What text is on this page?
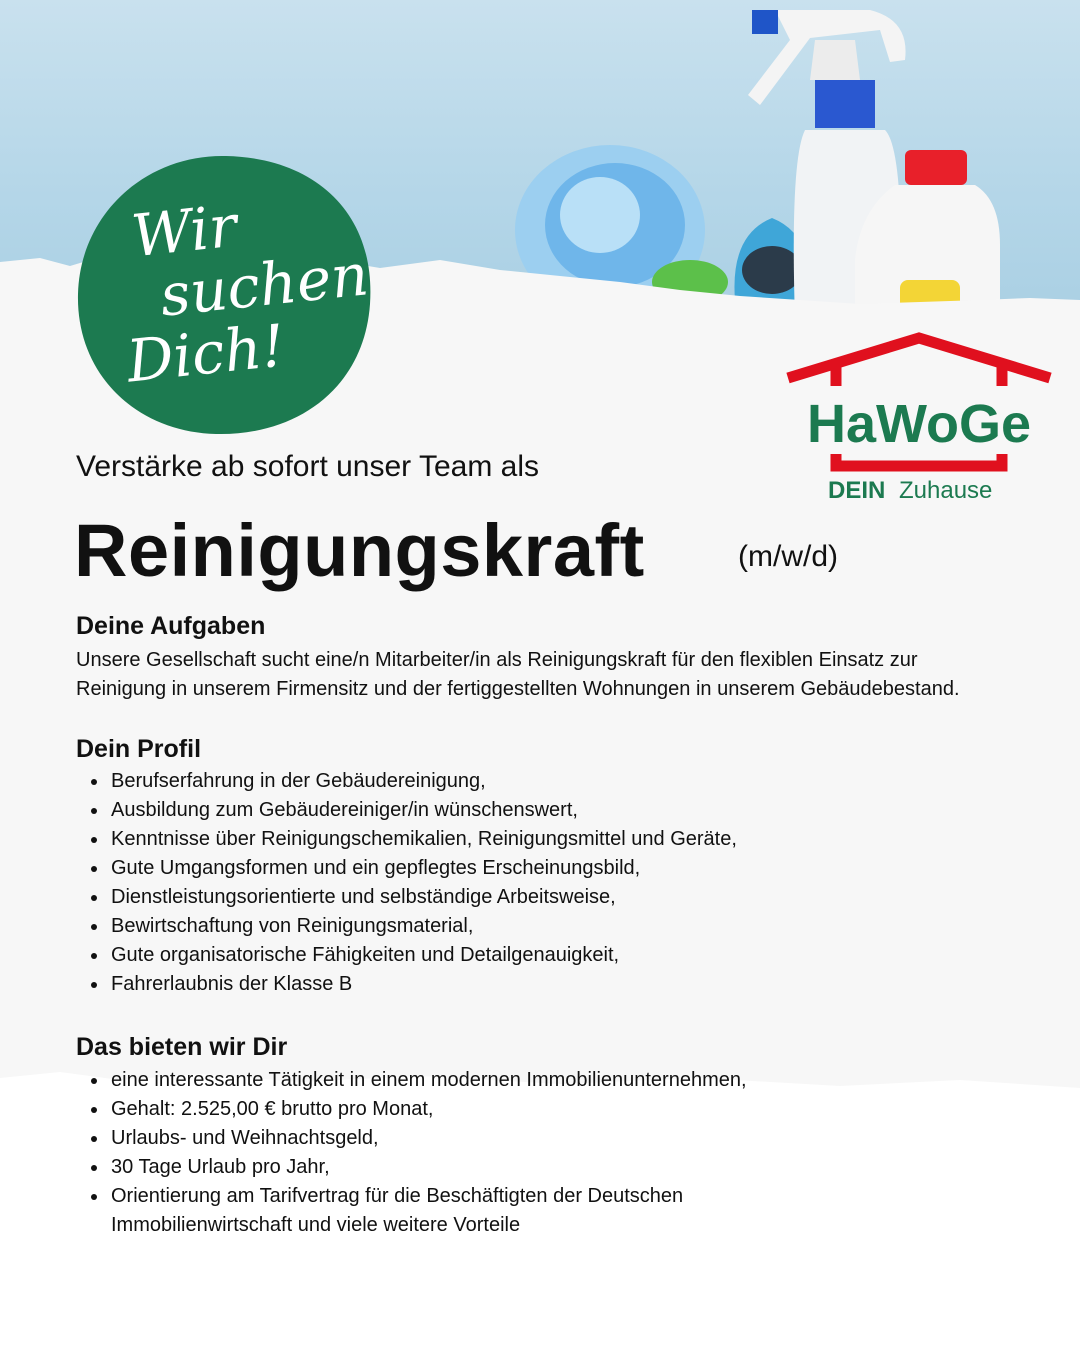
Wir
suchen
Dich!
HaWoGe
DEIN Zuhause
Verstärke ab sofort unser Team als
Reinigungskraft	(m/w/d)
Deine Aufgaben
Unsere Gesellschaft sucht eine/n Mitarbeiter/in als Reinigungskraft für den flexiblen Einsatz zur
Reinigung in unserem Firmensitz und der fertiggestellten Wohnungen in unserem Gebäudebestand.
Dein Profil
Berufserfahrung in der Gebäudereinigung,
Ausbildung zum Gebäudereiniger/in wünschenswert,
Kenntnisse über Reinigungschemikalien, Reinigungsmittel und Geräte,
Gute Umgangsformen und ein gepflegtes Erscheinungsbild,
Dienstleistungsorientierte und selbständige Arbeitsweise,
Bewirtschaftung von Reinigungsmaterial,
Gute organisatorische Fähigkeiten und Detailgenauigkeit,
Fahrerlaubnis der Klasse B
Das bieten wir Dir
eine interessante Tätigkeit in einem modernen Immobilienunternehmen,
Gehalt: 2.525,00 € brutto pro Monat,
Urlaubs- und Weihnachtsgeld,
30 Tage Urlaub pro Jahr,
Orientierung am Tarifvertrag für die Beschäftigten der Deutschen
Immobilienwirtschaft und viele weitere Vorteile
